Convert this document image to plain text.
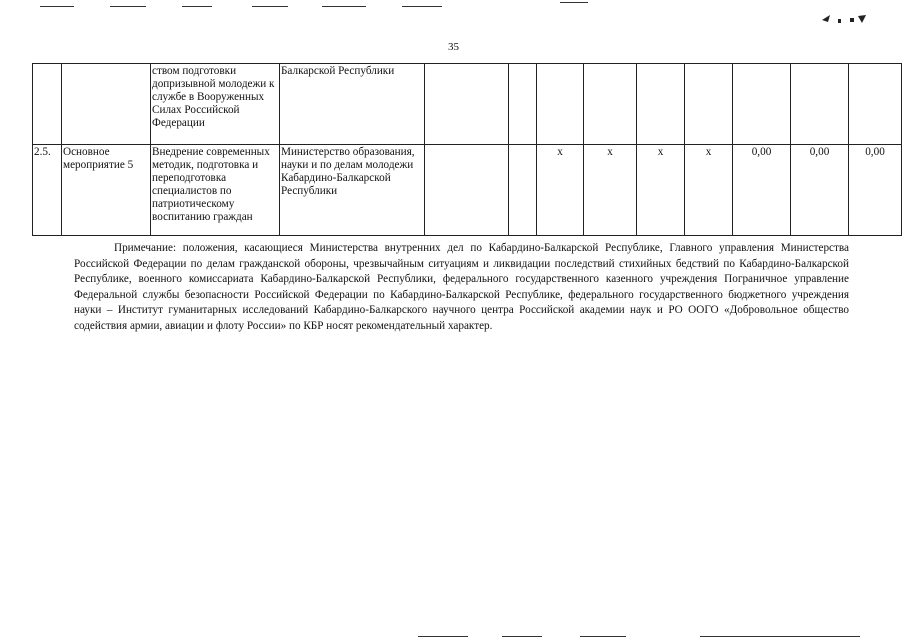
35
		ством подготовки допризывной молодежи к службе в Вооруженных Силах Российской Федерации	Балкарской Республики									
2.5.	Основное мероприятие 5	Внедрение современных методик, подготовка и переподготовка специалистов по патриотическому воспитанию граждан	Министерство образования, науки и по делам молодежи Кабардино-Балкарской Республики			x	x	x	x	0,00	0,00	0,00
Примечание: положения, касающиеся Министерства внутренних дел по Кабардино-Балкарской Республике, Главного управления Министерства Российской Федерации по делам гражданской обороны, чрезвычайным ситуациям и ликвидации последствий стихийных бедствий по Кабардино-Балкарской Республике, военного комиссариата Кабардино-Балкарской Республики, федерального государственного казенного учреждения Пограничное управление Федеральной службы безопасности Российской Федерации по Кабардино-Балкарской Республике, федерального государственного бюджетного учреждения науки – Институт гуманитарных исследований Кабардино-Балкарского научного центра Российской академии наук и РО ООГО «Добровольное общество содействия армии, авиации и флоту России» по КБР носят рекомендательный характер.
